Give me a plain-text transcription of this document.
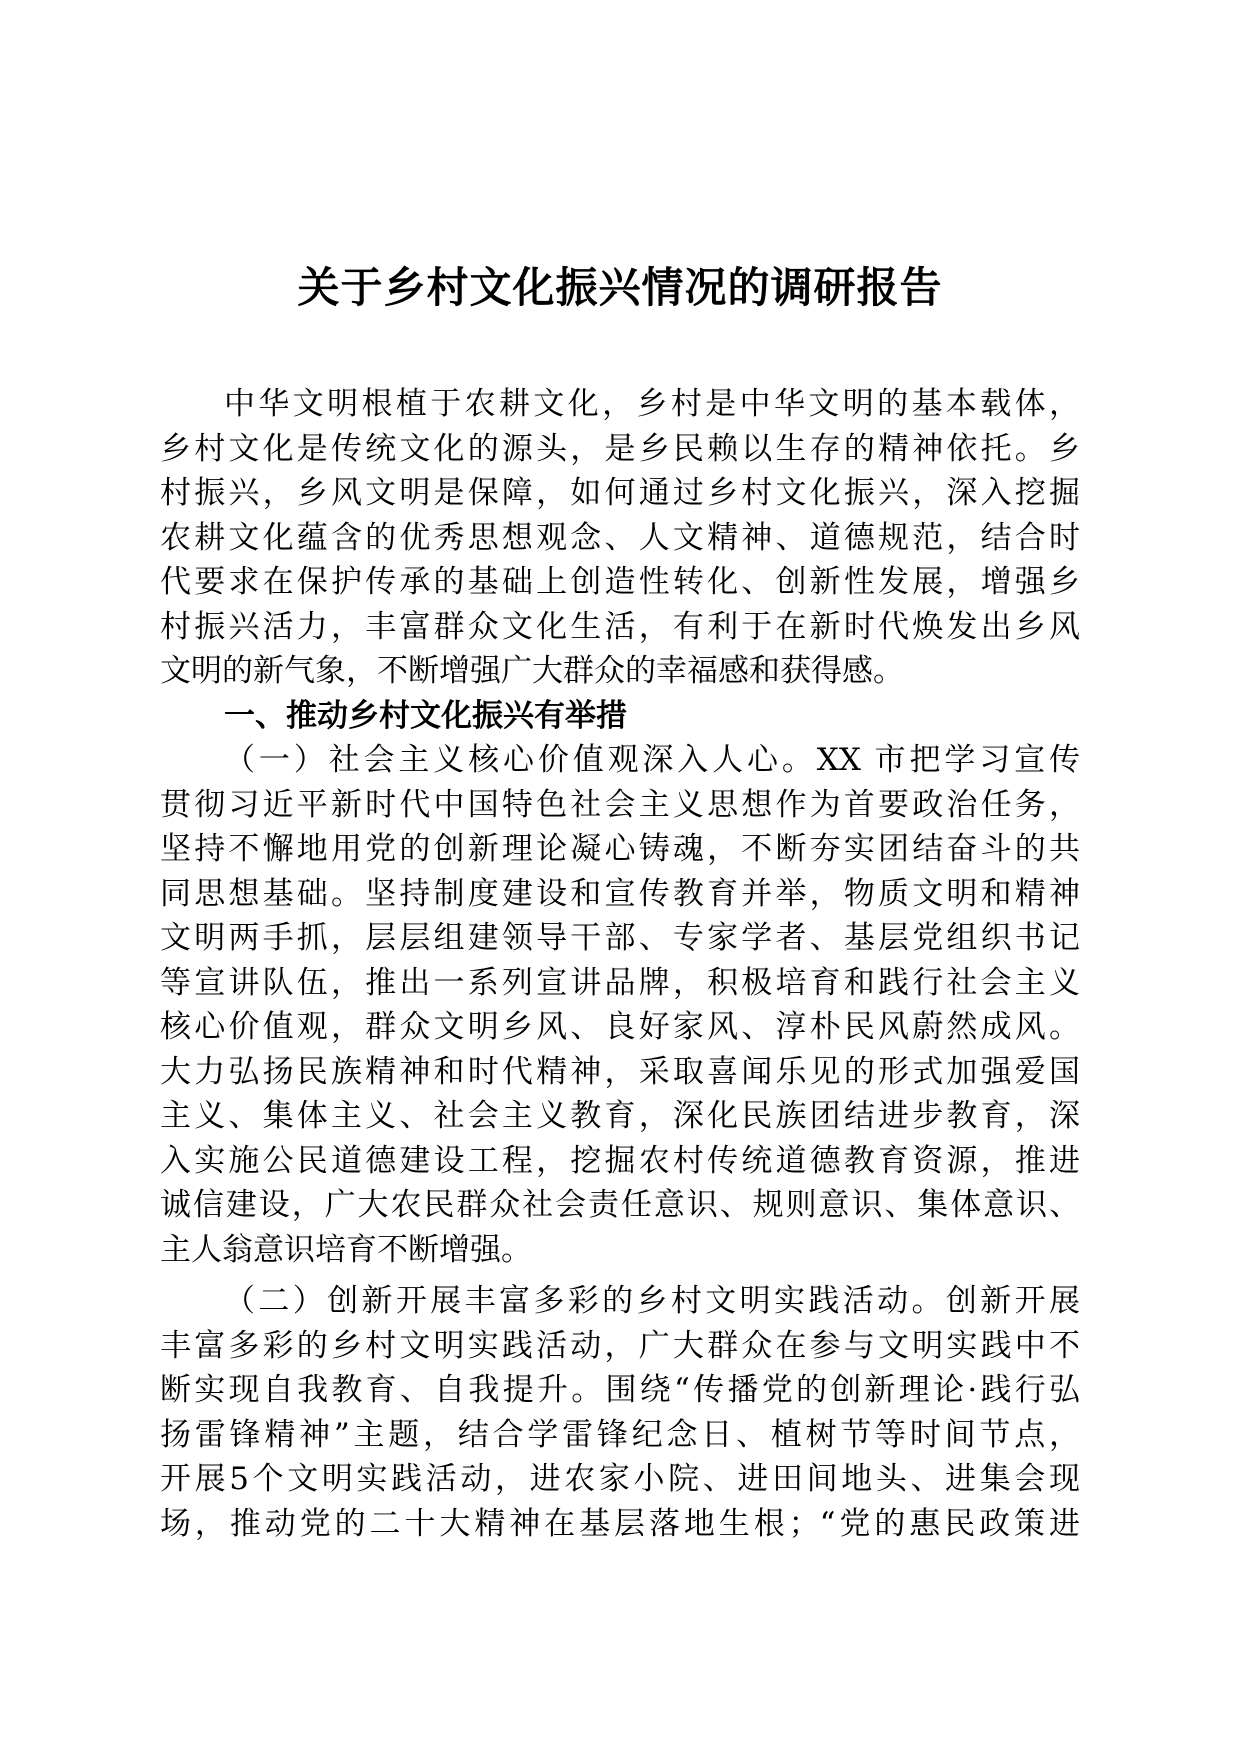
关于乡村文化振兴情况的调研报告
中华文明根植于农耕文化，乡村是中华文明的基本载体，
乡村文化是传统文化的源头，是乡民赖以生存的精神依托。乡
村振兴，乡风文明是保障，如何通过乡村文化振兴，深入挖掘
农耕文化蕴含的优秀思想观念、人文精神、道德规范，结合时
代要求在保护传承的基础上创造性转化、创新性发展，增强乡
村振兴活力，丰富群众文化生活，有利于在新时代焕发出乡风
文明的新气象，不断增强广大群众的幸福感和获得感。
一、推动乡村文化振兴有举措
（一）社会主义核心价值观深入人心。XX 市把学习宣传
贯彻习近平新时代中国特色社会主义思想作为首要政治任务，
坚持不懈地用党的创新理论凝心铸魂，不断夯实团结奋斗的共
同思想基础。坚持制度建设和宣传教育并举，物质文明和精神
文明两手抓，层层组建领导干部、专家学者、基层党组织书记
等宣讲队伍，推出一系列宣讲品牌，积极培育和践行社会主义
核心价值观，群众文明乡风、良好家风、淳朴民风蔚然成风。
大力弘扬民族精神和时代精神，采取喜闻乐见的形式加强爱国
主义、集体主义、社会主义教育，深化民族团结进步教育，深
入实施公民道德建设工程，挖掘农村传统道德教育资源，推进
诚信建设，广大农民群众社会责任意识、规则意识、集体意识、
主人翁意识培育不断增强。
（二）创新开展丰富多彩的乡村文明实践活动。创新开展
丰富多彩的乡村文明实践活动，广大群众在参与文明实践中不
断实现自我教育、自我提升。围绕“传播党的创新理论·践行弘
扬雷锋精神”主题，结合学雷锋纪念日、植树节等时间节点，
开展5个文明实践活动，进农家小院、进田间地头、进集会现
场，推动党的二十大精神在基层落地生根；“党的惠民政策进
